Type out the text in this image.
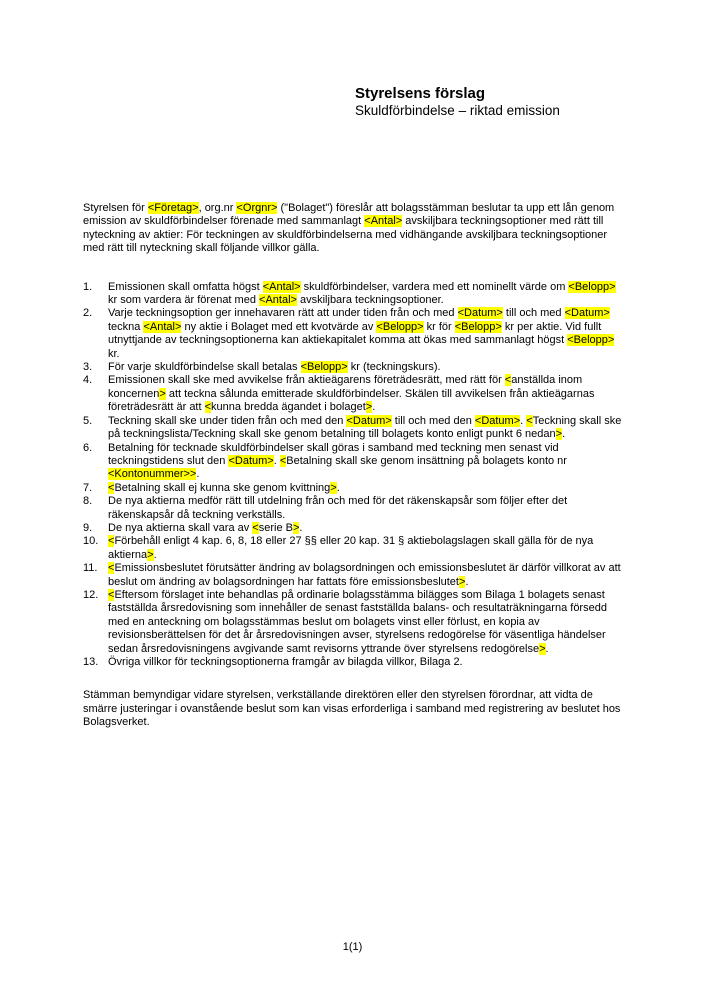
Styrelsens förslag
Skuldförbindelse – riktad emission

Styrelsen för <Företag>, org.nr <Orgnr> ("Bolaget") föreslår att bolagsstämman beslutar ta upp ett lån genom emission av skuldförbindelser förenade med sammanlagt <Antal> avskiljbara teckningsoptioner med rätt till nyteckning av aktier: För teckningen av skuldförbindelserna med vidhängande avskiljbara teckningsoptioner med rätt till nyteckning skall följande villkor gälla.

1.	Emissionen skall omfatta högst <Antal> skuldförbindelser, vardera med ett nominellt värde om <Belopp> kr som vardera är förenat med <Antal> avskiljbara teckningsoptioner.
2.	Varje teckningsoption ger innehavaren rätt att under tiden från och med <Datum> till och med <Datum> teckna <Antal> ny aktie i Bolaget med ett kvotvärde av <Belopp> kr för <Belopp> kr per aktie. Vid fullt utnyttjande av teckningsoptionerna kan aktiekapitalet komma att ökas med sammanlagt högst <Belopp> kr.
3.	För varje skuldförbindelse skall betalas <Belopp> kr (teckningskurs).
4.	Emissionen skall ske med avvikelse från aktieägarens företrädesrätt, med rätt för <anställda inom koncernen> att teckna sålunda emitterade skuldförbindelser. Skälen till avvikelsen från aktieägarnas företrädesrätt är att <kunna bredda ägandet i bolaget>.
5.	Teckning skall ske under tiden från och med den <Datum> till och med den <Datum>. <Teckning skall ske på teckningslista/Teckning skall ske genom betalning till bolagets konto enligt punkt 6 nedan>.
6.	Betalning för tecknade skuldförbindelser skall göras i samband med teckning men senast vid teckningstidens slut den <Datum>. <Betalning skall ske genom insättning på bolagets konto nr <Kontonummer>>.
7.	<Betalning skall ej kunna ske genom kvittning>.
8.	De nya aktierna medför rätt till utdelning från och med för det räkenskapsår som följer efter det räkenskapsår då teckning verkställs.
9.	De nya aktierna skall vara av <serie B>.
10. <Förbehåll enligt 4 kap. 6, 8, 18 eller 27 §§ eller 20 kap. 31 § aktiebolagslagen skall gälla för de nya aktierna>.
11. <Emissionsbeslutet förutsätter ändring av bolagsordningen och emissionsbeslutet är därför villkorat av att beslut om ändring av bolagsordningen har fattats före emissionsbeslutet>.
12. <Eftersom förslaget inte behandlas på ordinarie bolagsstämma bilägges som Bilaga 1 bolagets senast fastställda årsredovisning som innehåller de senast fastställda balans- och resultaträkningarna försedd med en anteckning om bolagsstämmas beslut om bolagets vinst eller förlust, en kopia av revisionsberättelsen för det år årsredovisningen avser, styrelsens redogörelse för väsentliga händelser sedan årsredovisningens avgivande samt revisorns yttrande över styrelsens redogörelse>.
13. Övriga villkor för teckningsoptionerna framgår av bilagda villkor, Bilaga 2.

Stämman bemyndigar vidare styrelsen, verkställande direktören eller den styrelsen förordnar, att vidta de smärre justeringar i ovanstående beslut som kan visas erforderliga i samband med registrering av beslutet hos Bolagsverket.

1(1)
